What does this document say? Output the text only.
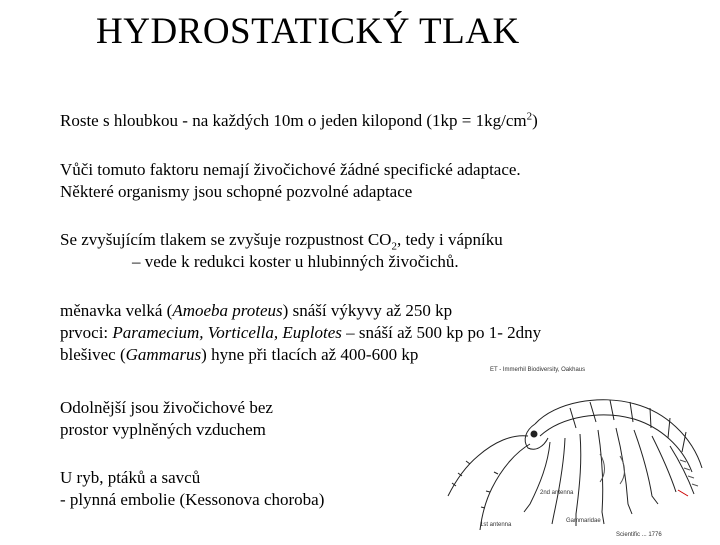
HYDROSTATICKÝ TLAK
Roste s hloubkou - na každých 10m o jeden kilopond $(1kp = 1kg/cm^2)$
Vůči tomuto faktoru nemají živočichové žádné specifické adaptace.
Některé organismy jsou schopné pozvolné adaptace
Se zvyšujícím tlakem se zvyšuje rozpustnost $CO_2$, tedy i vápníku
– vede k redukci koster u hlubinných živočichů.
měnavka velká (Amoeba proteus) snáší výkyvy až 250 kp
prvoci: Paramecium, Vorticella, Euplotes – snáší až 500 kp po 1- 2dny
blešivec (Gammarus) hyne při tlacích až 400-600 kp
Odolnější jsou živočichové bez
prostor vyplněných vzduchem
U ryb, ptáků a savců
- plynná embolie (Kessonova choroba)
ET - Immerhil Biodiversity, Oakhaus
2nd antenna
1st antenna
Gammaridae
Scientific ... 1776
